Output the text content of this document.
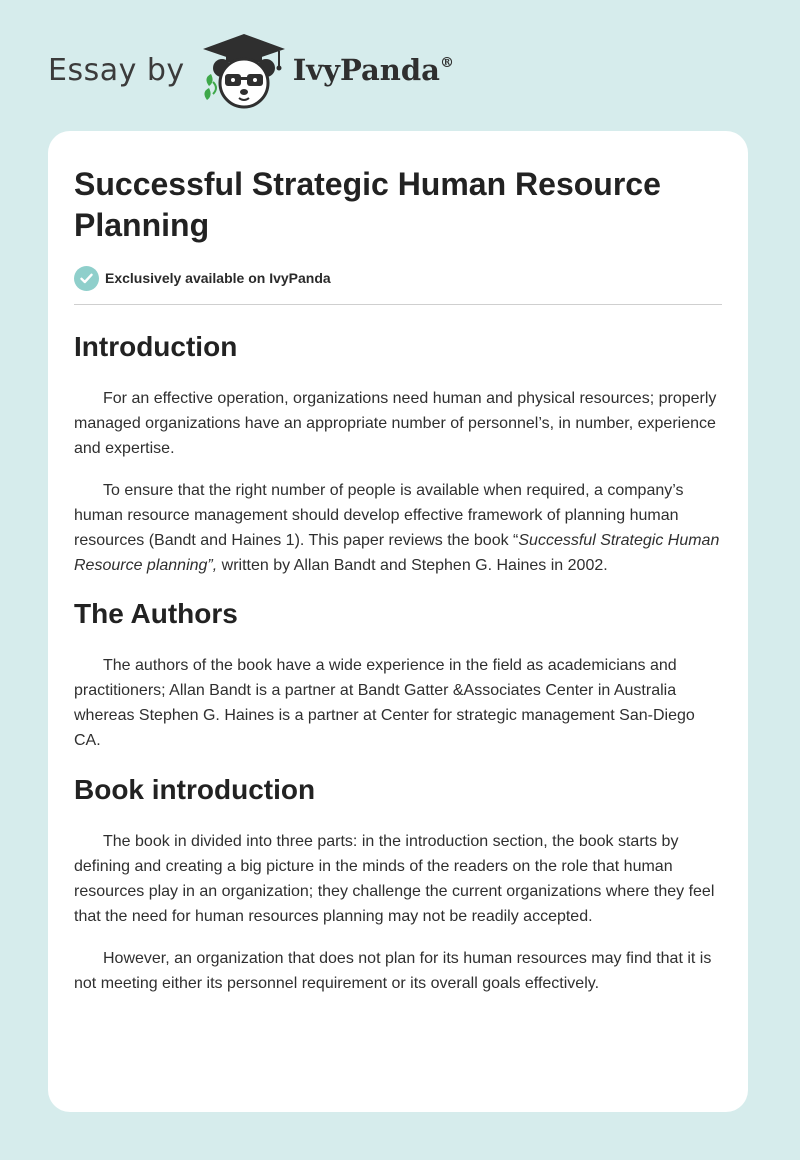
Essay by	IvyPanda®
Successful Strategic Human Resource Planning
Exclusively available on IvyPanda
Introduction

For an effective operation, organizations need human and physical resources; properly managed organizations have an appropriate number of personnel’s, in number, experience and expertise.

To ensure that the right number of people is available when required, a company’s human resource management should develop effective framework of planning human resources (Bandt and Haines 1). This paper reviews the book “Successful Strategic Human Resource planning”, written by Allan Bandt and Stephen G. Haines in 2002.

The Authors

The authors of the book have a wide experience in the field as academicians and practitioners; Allan Bandt is a partner at Bandt Gatter &Associates Center in Australia whereas Stephen G. Haines is a partner at Center for strategic management San-Diego CA.

Book introduction

The book in divided into three parts: in the introduction section, the book starts by defining and creating a big picture in the minds of the readers on the role that human resources play in an organization; they challenge the current organizations where they feel that the need for human resources planning may not be readily accepted.

However, an organization that does not plan for its human resources may find that it is not meeting either its personnel requirement or its overall goals effectively.
